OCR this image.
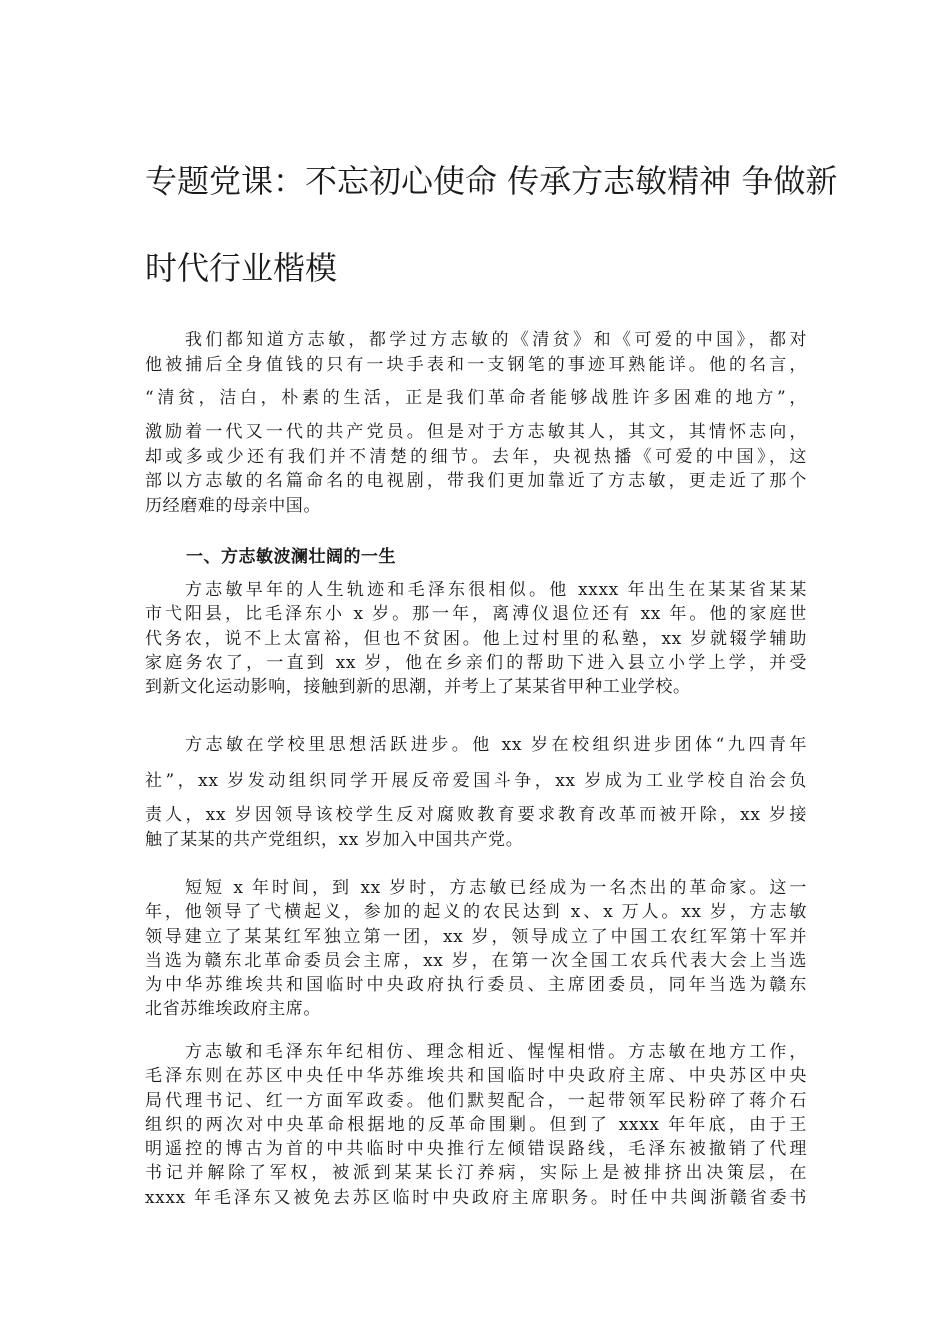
专题党课：不忘初心使命 传承方志敏精神 争做新
时代行业楷模
我们都知道方志敏，都学过方志敏的《清贫》和《可爱的中国》，都对
他被捕后全身值钱的只有一块手表和一支钢笔的事迹耳熟能详。他的名言，
“清贫，洁白，朴素的生活，正是我们革命者能够战胜许多困难的地方”，
激励着一代又一代的共产党员。但是对于方志敏其人，其文，其情怀志向，
却或多或少还有我们并不清楚的细节。去年，央视热播《可爱的中国》，这
部以方志敏的名篇命名的电视剧，带我们更加靠近了方志敏，更走近了那个
历经磨难的母亲中国。
一、方志敏波澜壮阔的一生
方志敏早年的人生轨迹和毛泽东很相似。他 xxxx 年出生在某某省某某
市弋阳县，比毛泽东小 x 岁。那一年，离溥仪退位还有 xx 年。他的家庭世
代务农，说不上太富裕，但也不贫困。他上过村里的私塾，xx 岁就辍学辅助
家庭务农了，一直到 xx 岁，他在乡亲们的帮助下进入县立小学上学，并受
到新文化运动影响，接触到新的思潮，并考上了某某省甲种工业学校。
方志敏在学校里思想活跃进步。他 xx 岁在校组织进步团体“九四青年
社”，xx 岁发动组织同学开展反帝爱国斗争，xx 岁成为工业学校自治会负
责人，xx 岁因领导该校学生反对腐败教育要求教育改革而被开除，xx 岁接
触了某某的共产党组织，xx 岁加入中国共产党。
短短 x 年时间，到 xx 岁时，方志敏已经成为一名杰出的革命家。这一
年，他领导了弋横起义，参加的起义的农民达到 x、x 万人。xx 岁，方志敏
领导建立了某某红军独立第一团，xx 岁，领导成立了中国工农红军第十军并
当选为赣东北革命委员会主席，xx 岁，在第一次全国工农兵代表大会上当选
为中华苏维埃共和国临时中央政府执行委员、主席团委员，同年当选为赣东
北省苏维埃政府主席。
方志敏和毛泽东年纪相仿、理念相近、惺惺相惜。方志敏在地方工作，
毛泽东则在苏区中央任中华苏维埃共和国临时中央政府主席、中央苏区中央
局代理书记、红一方面军政委。他们默契配合，一起带领军民粉碎了蒋介石
组织的两次对中央革命根据地的反革命围剿。但到了 xxxx 年年底，由于王
明遥控的博古为首的中共临时中央推行左倾错误路线，毛泽东被撤销了代理
书记并解除了军权，被派到某某长汀养病，实际上是被排挤出决策层，在
xxxx 年毛泽东又被免去苏区临时中央政府主席职务。时任中共闽浙赣省委书
